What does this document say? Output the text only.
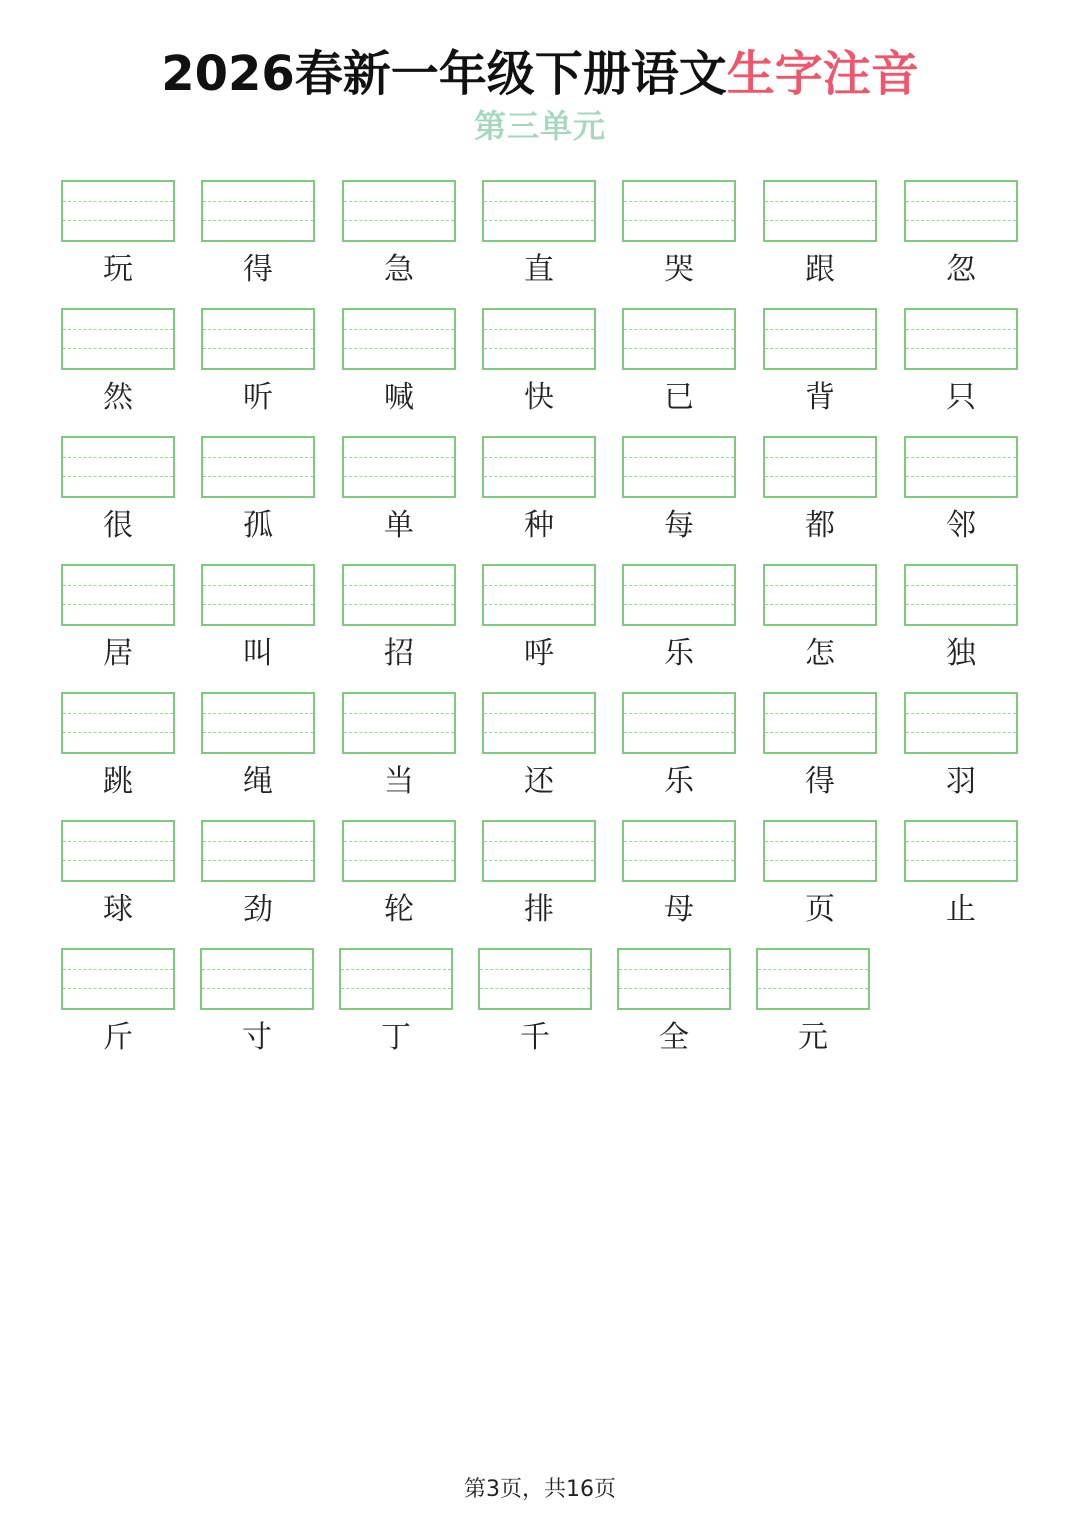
2026春新一年级下册语文生字注音
第三单元
玩	得	急	直	哭	跟	忽
然	听	喊	快	已	背	只
很	孤	单	种	每	都	邻
居	叫	招	呼	乐	怎	独
跳	绳	当	还	乐	得	羽
球	劲	轮	排	母	页	止
斤	寸	丁	千	全	元
第3页，共16页
